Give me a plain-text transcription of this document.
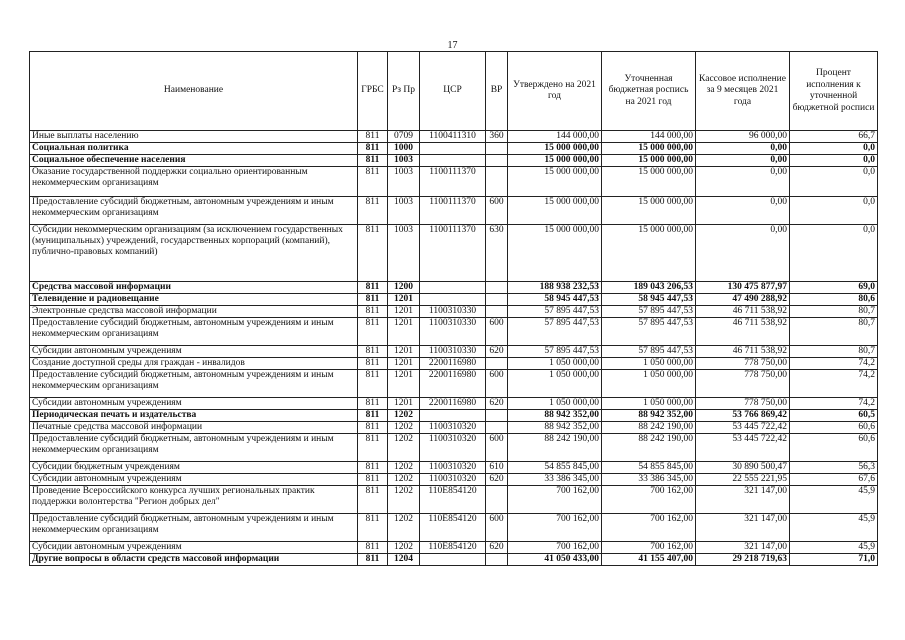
17
Наименование	ГРБС	Рз Пр	ЦСР	ВР	Утверждено на 2021 год	Уточненная бюджетная роспись на 2021 год	Кассовое исполнение за 9 месяцев 2021 года	Процент исполнения к уточненной бюджетной росписи
Иные выплаты населению	811	0709	1100411310	360	144 000,00	144 000,00	96 000,00	66,7
Социальная политика	811	1000			15 000 000,00	15 000 000,00	0,00	0,0
Социальное обеспечение населения	811	1003			15 000 000,00	15 000 000,00	0,00	0,0
Оказание государственной поддержки социально ориентированным некоммерческим организациям	811	1003	1100111370		15 000 000,00	15 000 000,00	0,00	0,0
Предоставление субсидий бюджетным, автономным учреждениям и иным некоммерческим организациям	811	1003	1100111370	600	15 000 000,00	15 000 000,00	0,00	0,0
Субсидии некоммерческим организациям (за исключением государственных (муниципальных) учреждений, государственных корпораций (компаний), публично-правовых компаний)	811	1003	1100111370	630	15 000 000,00	15 000 000,00	0,00	0,0
Средства массовой информации	811	1200			188 938 232,53	189 043 206,53	130 475 877,97	69,0
Телевидение и радиовещание	811	1201			58 945 447,53	58 945 447,53	47 490 288,92	80,6
Электронные средства массовой информации	811	1201	1100310330		57 895 447,53	57 895 447,53	46 711 538,92	80,7
Предоставление субсидий бюджетным, автономным учреждениям и иным некоммерческим организациям	811	1201	1100310330	600	57 895 447,53	57 895 447,53	46 711 538,92	80,7
Субсидии автономным учреждениям	811	1201	1100310330	620	57 895 447,53	57 895 447,53	46 711 538,92	80,7
Создание доступной среды для граждан - инвалидов	811	1201	2200116980		1 050 000,00	1 050 000,00	778 750,00	74,2
Предоставление субсидий бюджетным, автономным учреждениям и иным некоммерческим организациям	811	1201	2200116980	600	1 050 000,00	1 050 000,00	778 750,00	74,2
Субсидии автономным учреждениям	811	1201	2200116980	620	1 050 000,00	1 050 000,00	778 750,00	74,2
Периодическая печать и издательства	811	1202			88 942 352,00	88 942 352,00	53 766 869,42	60,5
Печатные средства массовой информации	811	1202	1100310320		88 942 352,00	88 242 190,00	53 445 722,42	60,6
Предоставление субсидий бюджетным, автономным учреждениям и иным некоммерческим организациям	811	1202	1100310320	600	88 242 190,00	88 242 190,00	53 445 722,42	60,6
Субсидии бюджетным учреждениям	811	1202	1100310320	610	54 855 845,00	54 855 845,00	30 890 500,47	56,3
Субсидии автономным учреждениям	811	1202	1100310320	620	33 386 345,00	33 386 345,00	22 555 221,95	67,6
Проведение Всероссийского конкурса лучших региональных практик поддержки волонтерства "Регион добрых дел"	811	1202	110E854120		700 162,00	700 162,00	321 147,00	45,9
Предоставление субсидий бюджетным, автономным учреждениям и иным некоммерческим организациям	811	1202	110E854120	600	700 162,00	700 162,00	321 147,00	45,9
Субсидии автономным учреждениям	811	1202	110E854120	620	700 162,00	700 162,00	321 147,00	45,9
Другие вопросы в области средств массовой информации	811	1204			41 050 433,00	41 155 407,00	29 218 719,63	71,0
